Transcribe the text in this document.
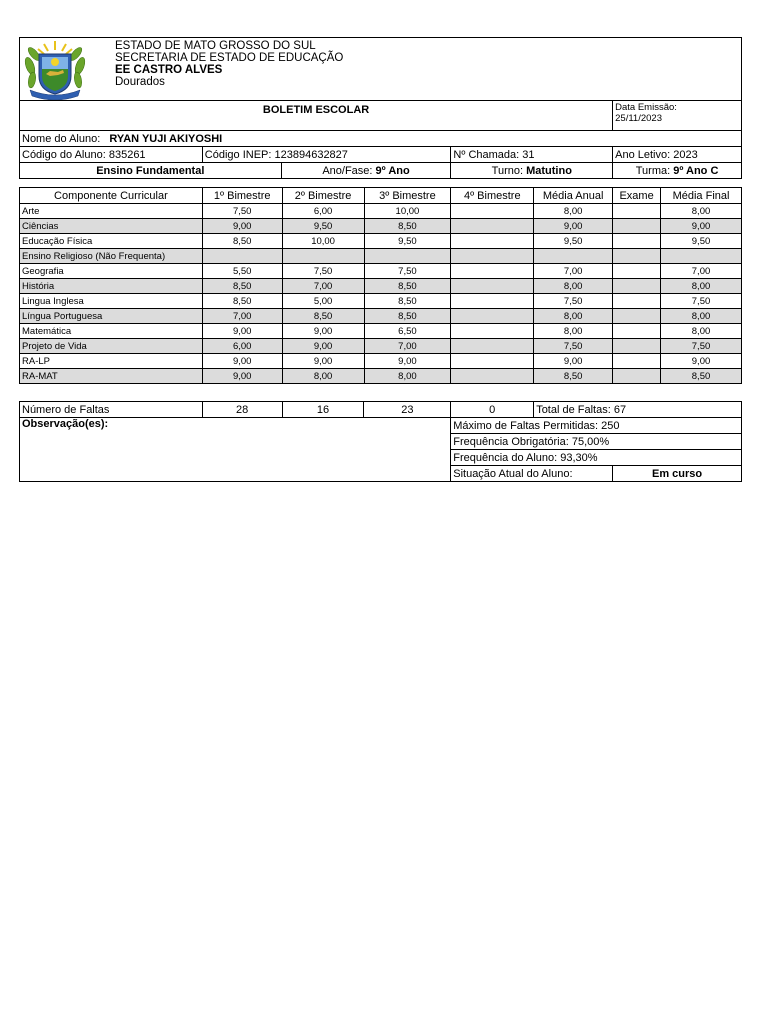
ESTADO DE MATO GROSSO DO SUL
SECRETARIA DE ESTADO DE EDUCAÇÃO
EE CASTRO ALVES
Dourados
BOLETIM ESCOLAR				Data Emissão:
25/11/2023

Nome do Aluno: RYAN YUJI AKIYOSHI				
Código do Aluno: 835261	Código INEP: 123894632827		Nº Chamada: 31	Ano Letivo: 2023
Ensino Fundamental		Ano/Fase: 9º Ano	Turno: Matutino	Turma: 9º Ano C
Componente Curricular	1º Bimestre	2º Bimestre	3º Bimestre	4º Bimestre	Média Anual	Exame	Média Final
Arte	7,50	6,00	10,00		8,00		8,00
Ciências	9,00	9,50	8,50		9,00		9,00
Educação Física	8,50	10,00	9,50		9,50		9,50
Ensino Religioso (Não Frequenta)							
Geografia	5,50	7,50	7,50		7,00		7,00
História	8,50	7,00	8,50		8,00		8,00
Lingua Inglesa	8,50	5,00	8,50		7,50		7,50
Língua Portuguesa	7,00	8,50	8,50		8,00		8,00
Matemática	9,00	9,00	6,50		8,00		8,00
Projeto de Vida	6,00	9,00	7,00		7,50		7,50
RA-LP	9,00	9,00	9,00		9,00		9,00
RA-MAT	9,00	8,00	8,00		8,50		8,50
Número de Faltas	28	16	23	0	Total de Faltas: 67	
Observação(es):				Máximo de Faltas Permitidas: 250		
				Frequência Obrigatória: 75,00%		
				Frequência do Aluno: 93,30%		
				Situação Atual do Aluno:		Em curso
